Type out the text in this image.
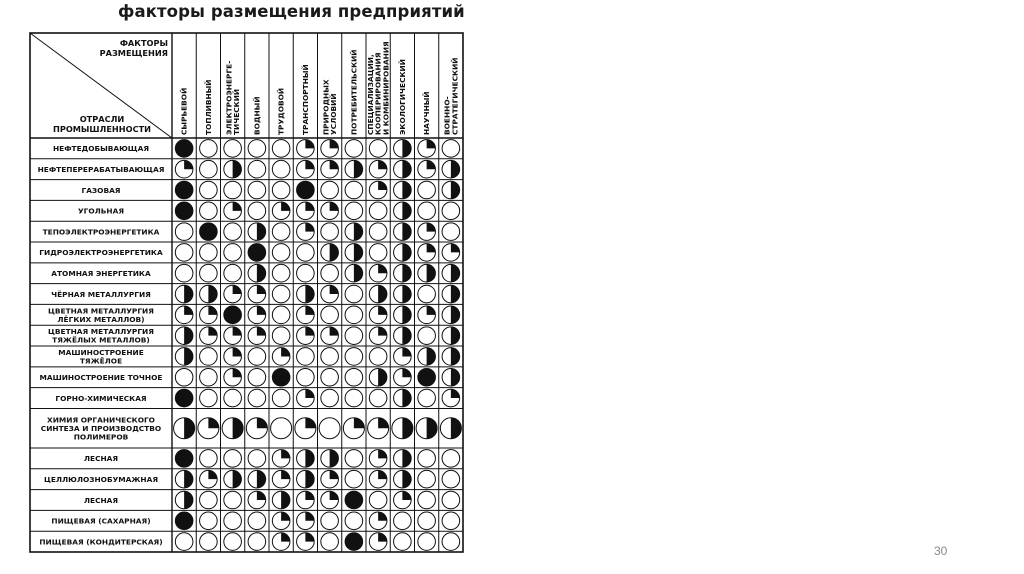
факторы размещения предприятий
ФАКТОРЫ
РАЗМЕЩЕНИЯ
ОТРАСЛИ
ПРОМЫШЛЕННОСТИ	СЫРЬЕВОЙ ТОПЛИВНЫЙ ЭЛЕКТРОЭНЕРГЕ-
ТИЧЕСКИЙ ВОДНЫЙ ТРУДОВОЙ ТРАНСПОРТНЫЙ ПРИРОДНЫХ
УСЛОВИЙ ПОТРЕБИТЕЛЬСКИЙ СПЕЦИАЛИЗАЦИИ,
КООПЕРИРОВАНИЯ
И КОМБИНИРОВАНИЯ ЭКОЛОГИЧЕСКИЙ НАУЧНЫЙ ВОЕННО-
СТРАТЕГИЧЕСКИЙ
НЕФТЕДОБЫВАЮЩАЯ
НЕФТЕПЕРЕРАБАТЫВАЮЩАЯ
ГАЗОВАЯ
УГОЛЬНАЯ
ТЕПОЭЛЕКТРОЭНЕРГЕТИКА
ГИДРОЭЛЕКТРОЭНЕРГЕТИКА
АТОМНАЯ ЭНЕРГЕТИКА
ЧЁРНАЯ МЕТАЛЛУРГИЯ
ЦВЕТНАЯ МЕТАЛЛУРГИЯ
ЛЁГКИХ МЕТАЛЛОВ)
ЦВЕТНАЯ МЕТАЛЛУРГИЯ
ТЯЖЁЛЫХ МЕТАЛЛОВ)
МАШИНОСТРОЕНИЕ
ТЯЖЁЛОЕ
МАШИНОСТРОЕНИЕ ТОЧНОЕ
ГОРНО-ХИМИЧЕСКАЯ
ХИМИЯ ОРГАНИЧЕСКОГО
СИНТЕЗА И ПРОИЗВОДСТВО
ПОЛИМЕРОВ
ЛЕСНАЯ
ЦЕЛЛЮЛОЗНОБУМАЖНАЯ
ЛЕСНАЯ
ПИЩЕВАЯ (САХАРНАЯ)
ПИЩЕВАЯ (КОНДИТЕРСКАЯ)
30
